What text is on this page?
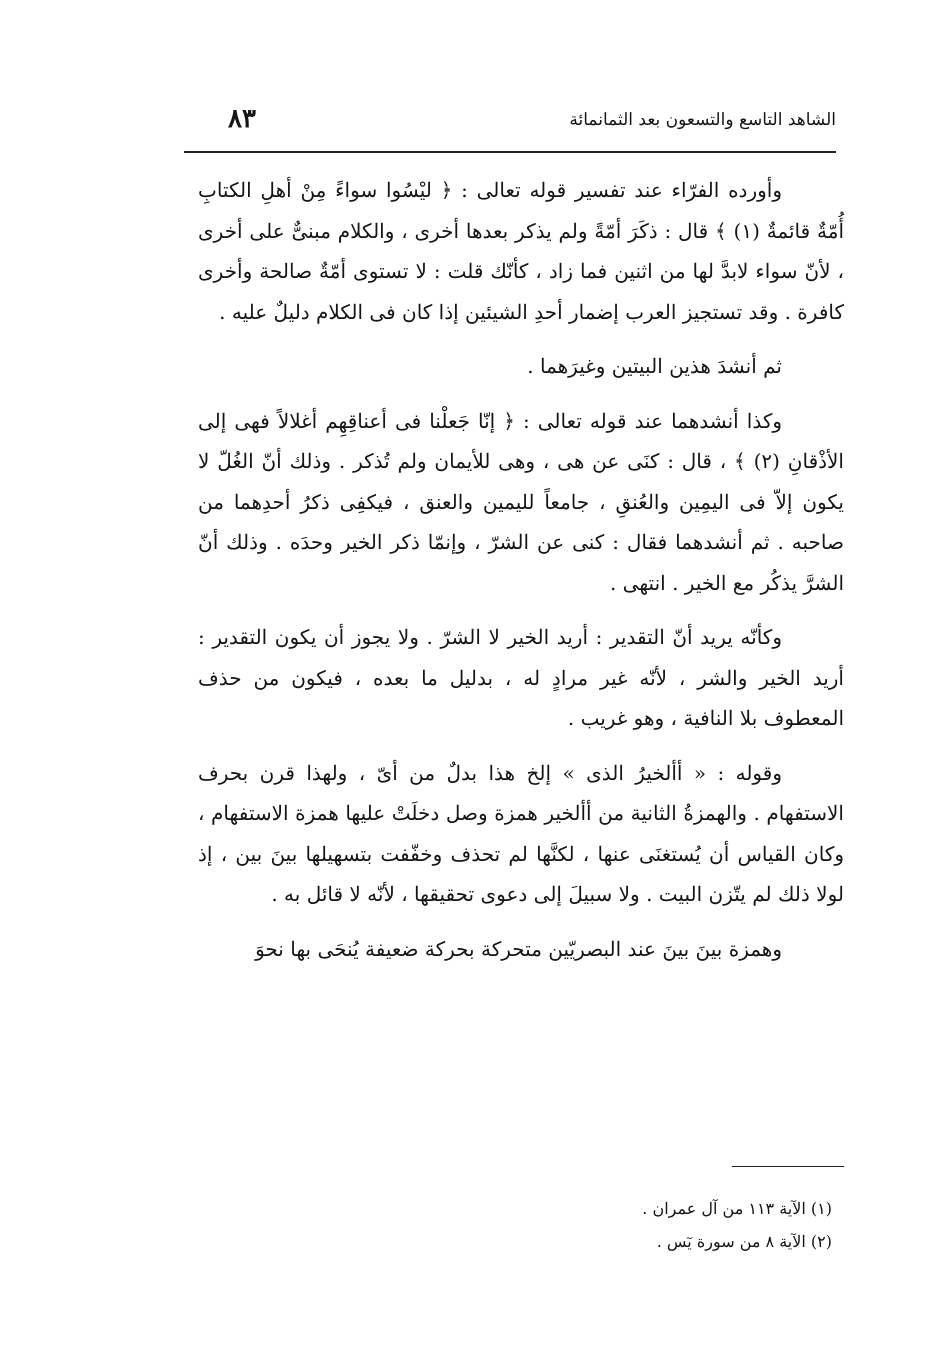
الشاهد التاسع والتسعون بعد الثمانمائة
٨٣

وأورده الفرّاء عند تفسير قوله تعالى : ﴿ ليْسُوا سواءً مِنْ أهلِ الكتابِ أُمّةٌ قائمةٌ (١) ﴾ قال : ذكَرَ أمّةً ولم يذكر بعدها أخرى ، والكلام مبنىٌّ على أخرى ، لأنّ سواء لابدَّ لها من اثنين فما زاد ، كأنّك قلت : لا تستوى أمّةٌ صالحة وأخرى كافرة . وقد تستجيز العرب إضمار أحدِ الشيئين إذا كان فى الكلام دليلٌ عليه .

ثم أنشدَ هذين البيتين وغيرَهما .

وكذا أنشدهما عند قوله تعالى : ﴿ إنّا جَعلْنا فى أعناقِهِم أغلالاً فهى إلى الأذْقانِ (٢) ﴾ ، قال : كنَى عن هى ، وهى للأيمان ولم تُذكر . وذلك أنّ الغُلّ لا يكون إلاّ فى اليمِين والعُنقِ ، جامعاً لليمين والعنق ، فيكفِى ذكرُ أحدِهما من صاحبه . ثم أنشدهما فقال : كنى عن الشرّ ، وإنمّا ذكر الخير وحدَه . وذلك أنّ الشرَّ يذكُر مع الخير . انتهى .

وكأنّه يريد أنّ التقدير : أريد الخير لا الشرّ . ولا يجوز أن يكون التقدير : أريد الخير والشر ، لأنّه غير مرادٍ له ، بدليل ما بعده ، فيكون من حذف المعطوف بلا النافية ، وهو غريب .

وقوله : « أألخيرُ الذى » إلخ هذا بدلٌ من أىّ ، ولهذا قرن بحرف الاستفهام . والهمزةُ الثانية من أألخير همزة وصل دخلَتْ عليها همزة الاستفهام ، وكان القياس أن يُستغنَى عنها ، لكنَّها لم تحذف وخفّفت بتسهيلها بينَ بين ، إذ لولا ذلك لم يتّزن البيت . ولا سبيلَ إلى دعوى تحقيقها ، لأنّه لا قائل به .

وهمزة بينَ بينَ عند البصريّين متحركة بحركة ضعيفة يُنحَى بها نحوَ

(١) الآية ١١٣ من آل عمران .
(٢) الآية ٨ من سورة يٓس .
